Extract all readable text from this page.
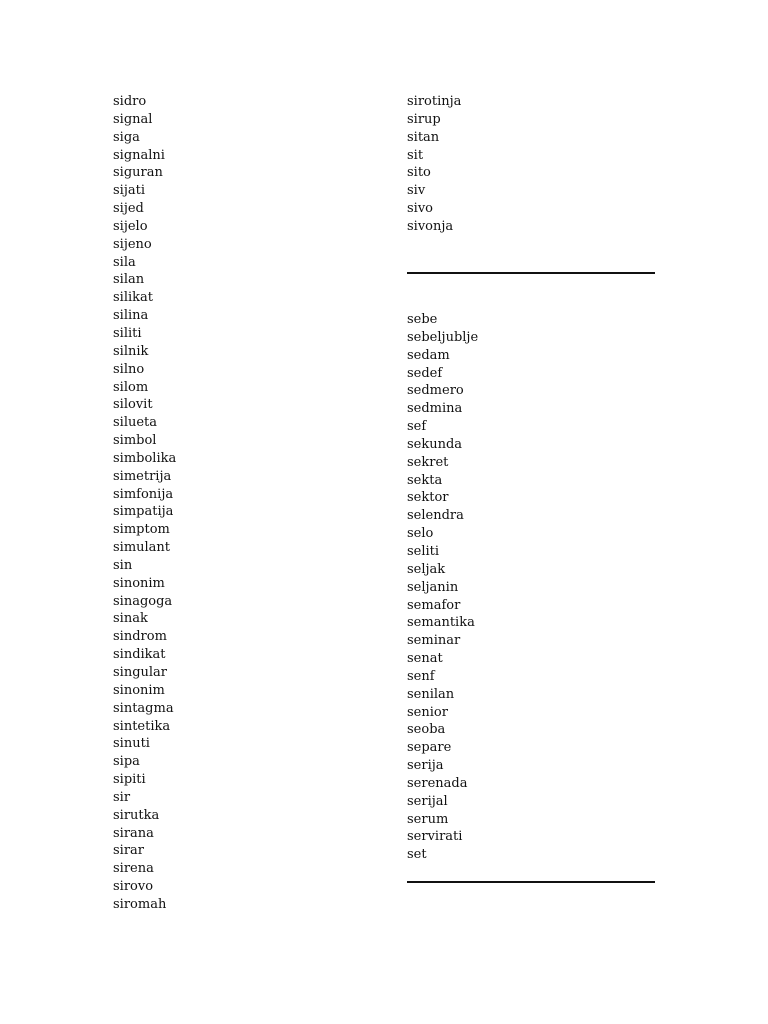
sidro
signal
siga
signalni
siguran
sijati
sijed
sijelo
sijeno
sila
silan
silikat
silina
siliti
silnik
silno
silom
silovit
silueta
simbol
simbolika
simetrija
simfonija
simpatija
simptom
simulant
sin
sinonim
sinagoga
sinak
sindrom
sindikat
singular
sinonim
sintagma
sintetika
sinuti
sipa
sipiti
sir
sirutka
sirana
sirar
sirena
sirovo
siromah
sirotinja
sirup
sitan
sit
sito
siv
sivo
sivonja
sebe
sebeljublje
sedam
sedef
sedmero
sedmina
sef
sekunda
sekret
sekta
sektor
selendra
selo
seliti
seljak
seljanin
semafor
semantika
seminar
senat
senf
senilan
senior
seoba
separe
serija
serenada
serijal
serum
servirati
set
